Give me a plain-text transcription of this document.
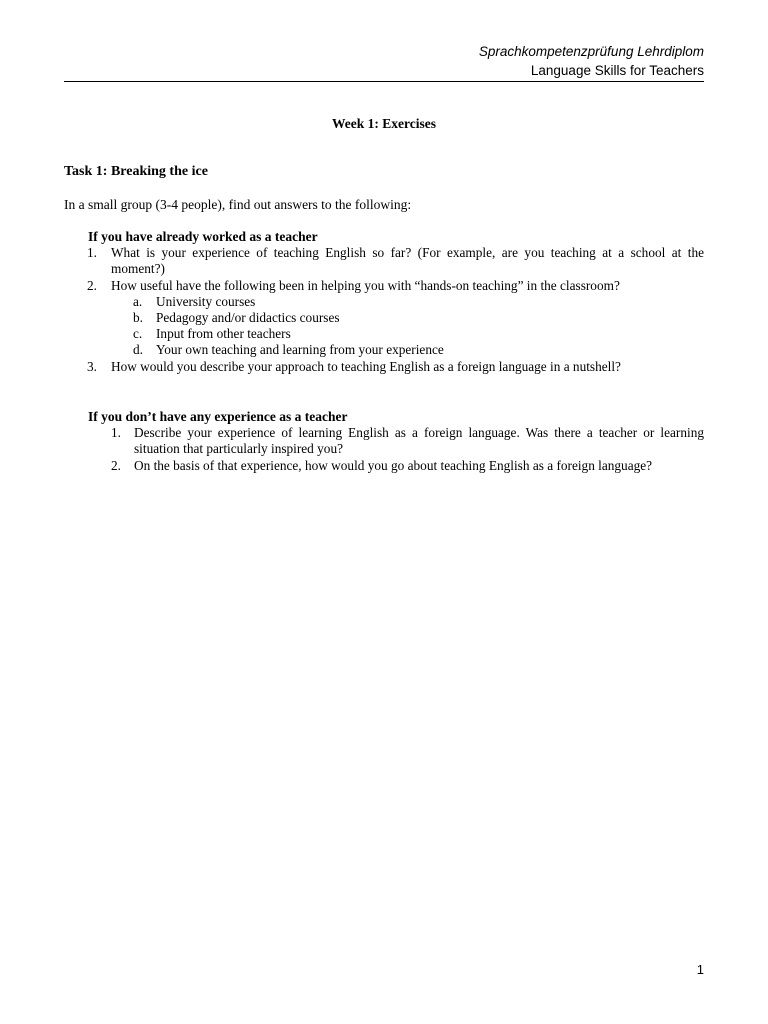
Sprachkompetenzprüfung Lehrdiplom
Language Skills for Teachers
Week 1: Exercises
Task 1: Breaking the ice
In a small group (3-4 people), find out answers to the following:
If you have already worked as a teacher
1. What is your experience of teaching English so far? (For example, are you teaching at a school at the moment?)
2. How useful have the following been in helping you with “hands-on teaching” in the classroom?
a. University courses
b. Pedagogy and/or didactics courses
c. Input from other teachers
d. Your own teaching and learning from your experience
3. How would you describe your approach to teaching English as a foreign language in a nutshell?
If you don’t have any experience as a teacher
1. Describe your experience of learning English as a foreign language. Was there a teacher or learning situation that particularly inspired you?
2. On the basis of that experience, how would you go about teaching English as a foreign language?
1
